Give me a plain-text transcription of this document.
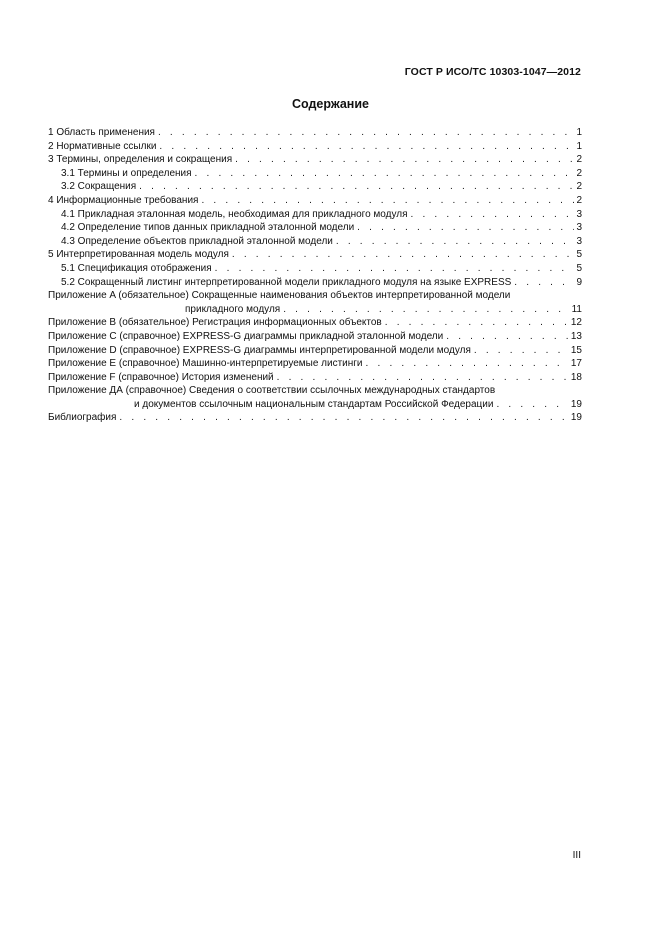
ГОСТ Р ИСО/ТС 10303-1047—2012
Содержание
1 Область применения . . .	1
2 Нормативные ссылки . . .	1
3 Термины, определения и сокращения . . .	2
3.1 Термины и определения . . .	2
3.2 Сокращения . . .	2
4 Информационные требования . . .	2
4.1 Прикладная эталонная модель, необходимая для прикладного модуля . . .	3
4.2 Определение типов данных прикладной эталонной модели . . .	3
4.3 Определение объектов прикладной эталонной модели . . .	3
5 Интерпретированная модель модуля . . .	5
5.1 Спецификация отображения . . .	5
5.2 Сокращенный листинг интерпретированной модели прикладного модуля на языке EXPRESS . . .	9
Приложение A (обязательное) Сокращенные наименования объектов интерпретированной модели
прикладного модуля . . .	11
Приложение B (обязательное) Регистрация информационных объектов . . .	12
Приложение C (справочное) EXPRESS-G диаграммы прикладной эталонной модели . . .	13
Приложение D (справочное) EXPRESS-G диаграммы интерпретированной модели модуля . . .	15
Приложение E (справочное) Машинно-интерпретируемые листинги . . .	17
Приложение F (справочное) История изменений . . .	18
Приложение ДА (справочное) Сведения о соответствии ссылочных международных стандартов
и документов ссылочным национальным стандартам Российской Федерации . . .	19
Библиография . . .	19
III
